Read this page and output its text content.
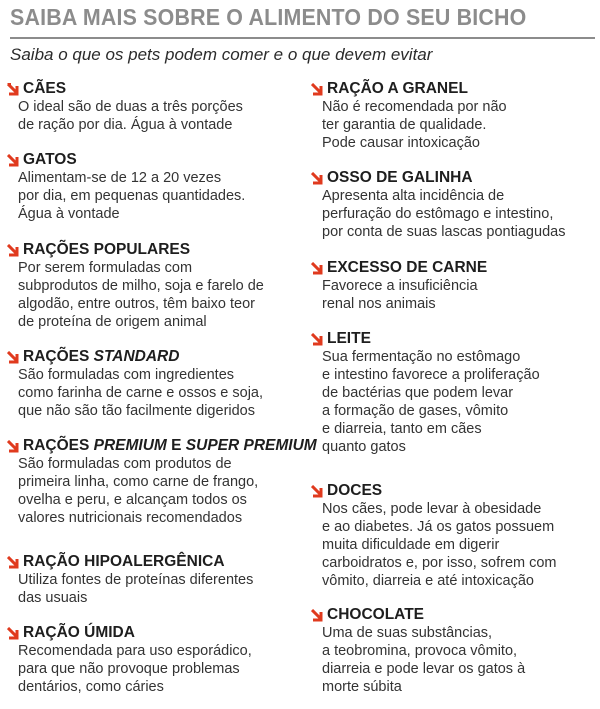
SAIBA MAIS SOBRE O ALIMENTO DO SEU BICHO
Saiba o que os pets podem comer e o que devem evitar
CÃES
O ideal são de duas a três porções
de ração por dia. Água à vontade
GATOS
Alimentam-se de 12 a 20 vezes
por dia, em pequenas quantidades.
Água à vontade
RAÇÕES POPULARES
Por serem formuladas com
subprodutos de milho, soja e farelo de
algodão, entre outros, têm baixo teor
de proteína de origem animal
RAÇÕES STANDARD
São formuladas com ingredientes
como farinha de carne e ossos e soja,
que não são tão facilmente digeridos
RAÇÕES PREMIUM E SUPER PREMIUM
São formuladas com produtos de
primeira linha, como carne de frango,
ovelha e peru, e alcançam todos os
valores nutricionais recomendados
RAÇÃO HIPOALERGÊNICA
Utiliza fontes de proteínas diferentes
das usuais
RAÇÃO ÚMIDA
Recomendada para uso esporádico,
para que não provoque problemas
dentários, como cáries
RAÇÃO A GRANEL
Não é recomendada por não
ter garantia de qualidade.
Pode causar intoxicação
OSSO DE GALINHA
Apresenta alta incidência de
perfuração do estômago e intestino,
por conta de suas lascas pontiagudas
EXCESSO DE CARNE
Favorece a insuficiência
renal nos animais
LEITE
Sua fermentação no estômago
e intestino favorece a proliferação
de bactérias que podem levar
a formação de gases, vômito
e diarreia, tanto em cães
quanto gatos
DOCES
Nos cães, pode levar à obesidade
e ao diabetes. Já os gatos possuem
muita dificuldade em digerir
carboidratos e, por isso, sofrem com
vômito, diarreia e até intoxicação
CHOCOLATE
Uma de suas substâncias,
a teobromina, provoca vômito,
diarreia e pode levar os gatos à
morte súbita
